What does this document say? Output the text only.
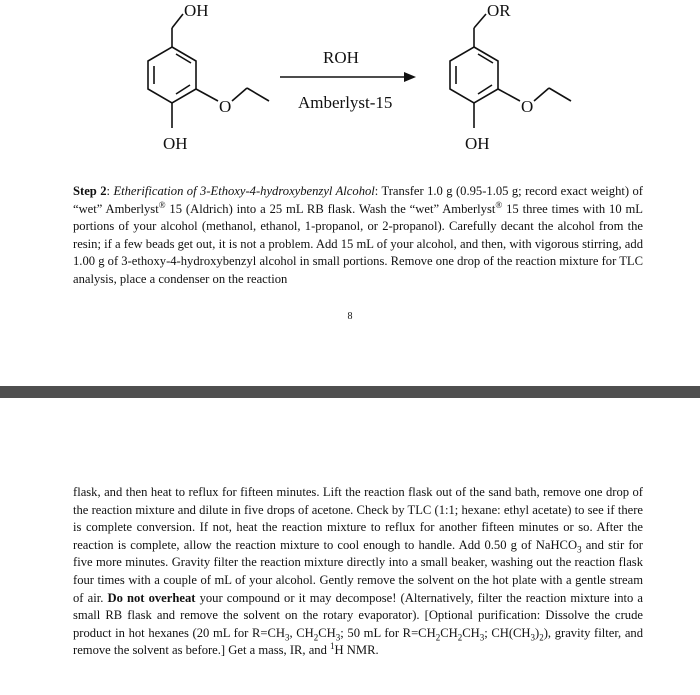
OH
OH
O
ROH
Amberlyst-15
OR
OH
O

Step 2: Etherification of 3-Ethoxy-4-hydroxybenzyl Alcohol: Transfer 1.0 g (0.95-1.05 g; record exact weight) of “wet” Amberlyst® 15 (Aldrich) into a 25 mL RB flask. Wash the “wet” Amberlyst® 15 three times with 10 mL portions of your alcohol (methanol, ethanol, 1-propanol, or 2-propanol). Carefully decant the alcohol from the resin; if a few beads get out, it is not a problem. Add 15 mL of your alcohol, and then, with vigorous stirring, add 1.00 g of 3-ethoxy-4-hydroxybenzyl alcohol in small portions. Remove one drop of the reaction mixture for TLC analysis, place a condenser on the reaction

8

flask, and then heat to reflux for fifteen minutes. Lift the reaction flask out of the sand bath, remove one drop of the reaction mixture and dilute in five drops of acetone. Check by TLC (1:1; hexane: ethyl acetate) to see if there is complete conversion. If not, heat the reaction mixture to reflux for another fifteen minutes or so. After the reaction is complete, allow the reaction mixture to cool enough to handle. Add 0.50 g of NaHCO$_3$ and stir for five more minutes. Gravity filter the reaction mixture directly into a small beaker, washing out the reaction flask four times with a couple of mL of your alcohol. Gently remove the solvent on the hot plate with a gentle stream of air. Do not overheat your compound or it may decompose! (Alternatively, filter the reaction mixture into a small RB flask and remove the solvent on the rotary evaporator). [Optional purification: Dissolve the crude product in hot hexanes (20 mL for $R=CH_3$, $CH_2CH_3$; 50 mL for $R=CH_2CH_2CH_3$; $CH(CH_3)_2$), gravity filter, and remove the solvent as before.] Get a mass, IR, and $^1$H NMR.
